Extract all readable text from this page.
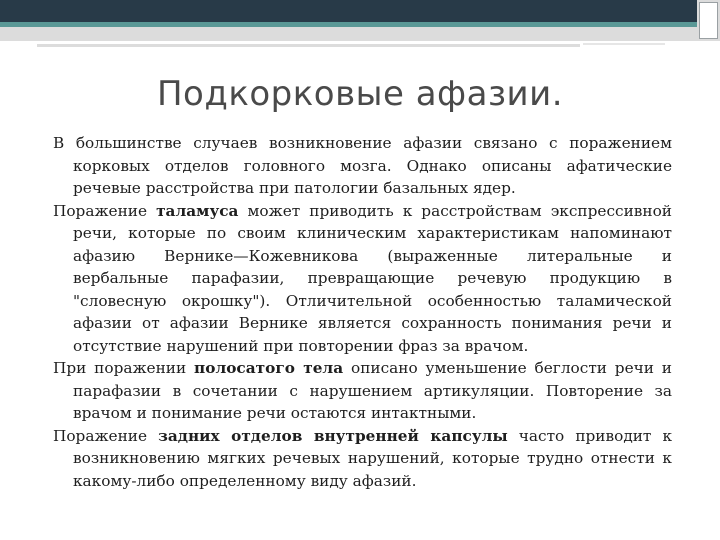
Подкорковые афазии.

В большинстве случаев возникновение афазии связано с поражением корковых отделов головного мозга. Однако описаны афатические речевые расстройства при патологии базальных ядер.

Поражение таламуса может приводить к расстройствам экспрессивной речи, которые по своим клиническим характеристикам напоминают афазию Вернике—Кожевникова (выраженные литеральные и вербальные парафазии, превращающие речевую продукцию в "словесную окрошку"). Отличительной особенностью таламической афазии от афазии Вернике является сохранность понимания речи и отсутствие нарушений при повторении фраз за врачом.

При поражении полосатого тела описано уменьшение беглости речи и парафазии в сочетании с нарушением артикуляции. Повторение за врачом и понимание речи остаются интактными.

Поражение задних отделов внутренней капсулы часто приводит к возникновению мягких речевых нарушений, которые трудно отнести к какому-либо определенному виду афазий.
